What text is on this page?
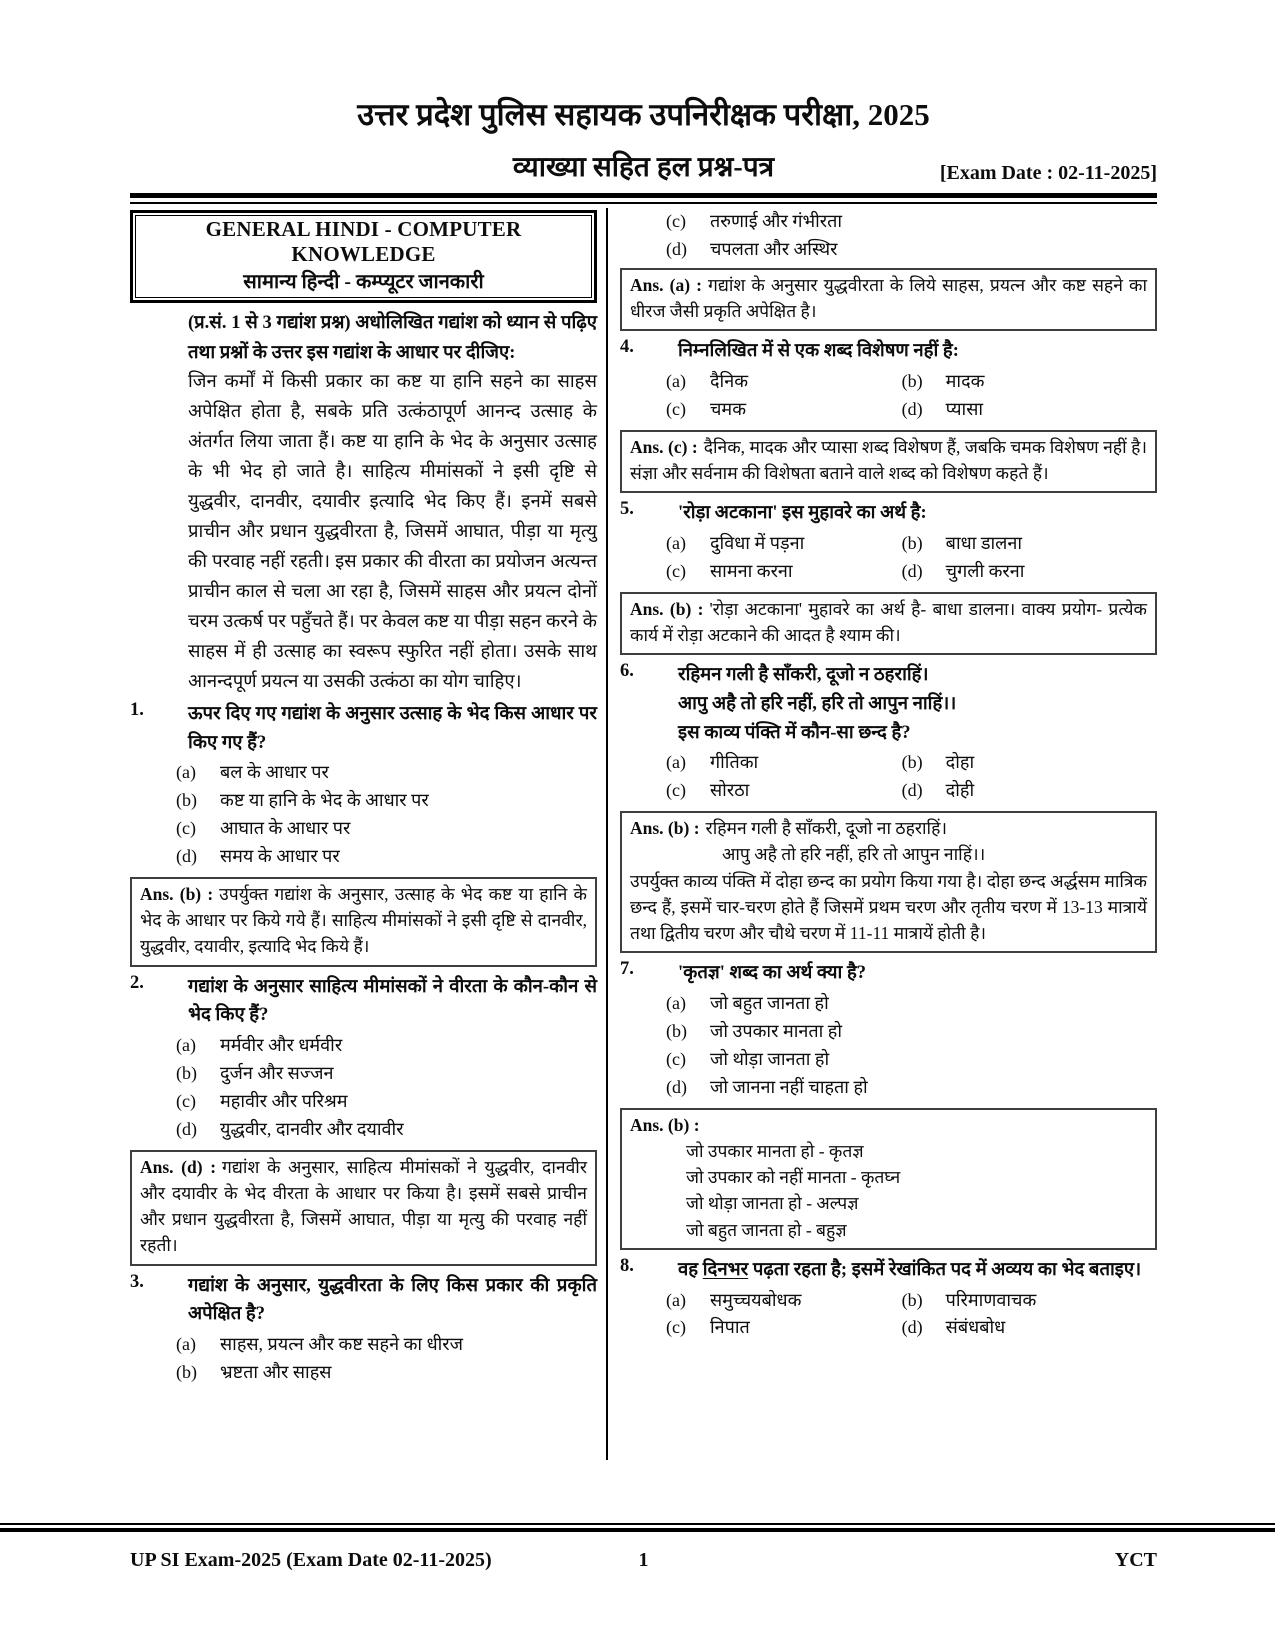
उत्तर प्रदेश पुलिस सहायक उपनिरीक्षक परीक्षा, 2025
व्याख्या सहित हल प्रश्न-पत्र	[Exam Date : 02-11-2025]
GENERAL HINDI - COMPUTER KNOWLEDGE
सामान्य हिन्दी - कम्प्यूटर जानकारी
(प्र.सं. 1 से 3 गद्यांश प्रश्न) अधोलिखित गद्यांश को ध्यान से पढ़िए तथा प्रश्नों के उत्तर इस गद्यांश के आधार पर दीजिए:
जिन कर्मों में किसी प्रकार का कष्ट या हानि सहने का साहस अपेक्षित होता है, सबके प्रति उत्कंठापूर्ण आनन्द उत्साह के अंतर्गत लिया जाता हैं। कष्ट या हानि के भेद के अनुसार उत्साह के भी भेद हो जाते है। साहित्य मीमांसकों ने इसी दृष्टि से युद्धवीर, दानवीर, दयावीर इत्यादि भेद किए हैं। इनमें सबसे प्राचीन और प्रधान युद्धवीरता है, जिसमें आघात, पीड़ा या मृत्यु की परवाह नहीं रहती। इस प्रकार की वीरता का प्रयोजन अत्यन्त प्राचीन काल से चला आ रहा है, जिसमें साहस और प्रयत्न दोनों चरम उत्कर्ष पर पहुँचते हैं। पर केवल कष्ट या पीड़ा सहन करने के साहस में ही उत्साह का स्वरूप स्फुरित नहीं होता। उसके साथ आनन्दपूर्ण प्रयत्न या उसकी उत्कंठा का योग चाहिए।
1.	ऊपर दिए गए गद्यांश के अनुसार उत्साह के भेद किस आधार पर किए गए हैं?
(a)	बल के आधार पर
(b)	कष्ट या हानि के भेद के आधार पर
(c)	आघात के आधार पर
(d)	समय के आधार पर
Ans. (b) : उपर्युक्त गद्यांश के अनुसार, उत्साह के भेद कष्ट या हानि के भेद के आधार पर किये गये हैं। साहित्य मीमांसकों ने इसी दृष्टि से दानवीर, युद्धवीर, दयावीर, इत्यादि भेद किये हैं।
2.	गद्यांश के अनुसार साहित्य मीमांसकों ने वीरता के कौन-कौन से भेद किए हैं?
(a)	मर्मवीर और धर्मवीर
(b)	दुर्जन और सज्जन
(c)	महावीर और परिश्रम
(d)	युद्धवीर, दानवीर और दयावीर
Ans. (d) : गद्यांश के अनुसार, साहित्य मीमांसकों ने युद्धवीर, दानवीर और दयावीर के भेद वीरता के आधार पर किया है। इसमें सबसे प्राचीन और प्रधान युद्धवीरता है, जिसमें आघात, पीड़ा या मृत्यु की परवाह नहीं रहती।
3.	गद्यांश के अनुसार, युद्धवीरता के लिए किस प्रकार की प्रकृति अपेक्षित है?
(a)	साहस, प्रयत्न और कष्ट सहने का धीरज
(b)	भ्रष्टता और साहस
(c)	तरुणाई और गंभीरता
(d)	चपलता और अस्थिर
Ans. (a) : गद्यांश के अनुसार युद्धवीरता के लिये साहस, प्रयत्न और कष्ट सहने का धीरज जैसी प्रकृति अपेक्षित है।
4.	निम्नलिखित में से एक शब्द विशेषण नहीं है:
(a)	दैनिक	(b)	मादक
(c)	चमक	(d)	प्यासा
Ans. (c) : दैनिक, मादक और प्यासा शब्द विशेषण हैं, जबकि चमक विशेषण नहीं है। संज्ञा और सर्वनाम की विशेषता बताने वाले शब्द को विशेषण कहते हैं।
5.	'रोड़ा अटकाना' इस मुहावरे का अर्थ है:
(a)	दुविधा में पड़ना	(b)	बाधा डालना
(c)	सामना करना	(d)	चुगली करना
Ans. (b) : 'रोड़ा अटकाना' मुहावरे का अर्थ है- बाधा डालना। वाक्य प्रयोग- प्रत्येक कार्य में रोड़ा अटकाने की आदत है श्याम की।
6.	रहिमन गली है साँकरी, दूजो न ठहराहिं।
आपु अहै तो हरि नहीं, हरि तो आपुन नाहिं।।
इस काव्य पंक्ति में कौन-सा छन्द है?
(a)	गीतिका	(b)	दोहा
(c)	सोरठा	(d)	दोही
Ans. (b) : रहिमन गली है साँकरी, दूजो ना ठहराहिं।
आपु अहै तो हरि नहीं, हरि तो आपुन नाहिं।।
उपर्युक्त काव्य पंक्ति में दोहा छन्द का प्रयोग किया गया है। दोहा छन्द अर्द्धसम मात्रिक छन्द हैं, इसमें चार-चरण होते हैं जिसमें प्रथम चरण और तृतीय चरण में 13-13 मात्रायें तथा द्वितीय चरण और चौथे चरण में 11-11 मात्रायें होती है।
7.	'कृतज्ञ' शब्द का अर्थ क्या है?
(a)	जो बहुत जानता हो
(b)	जो उपकार मानता हो
(c)	जो थोड़ा जानता हो
(d)	जो जानना नहीं चाहता हो
Ans. (b) :
जो उपकार मानता हो - कृतज्ञ
जो उपकार को नहीं मानता - कृतघ्न
जो थोड़ा जानता हो - अल्पज्ञ
जो बहुत जानता हो - बहुज्ञ
8.	वह दिनभर पढ़ता रहता है; इसमें रेखांकित पद में अव्यय का भेद बताइए।
(a)	समुच्चयबोधक	(b)	परिमाणवाचक
(c)	निपात	(d)	संबंधबोध
UP SI Exam-2025 (Exam Date 02-11-2025)	1	YCT
